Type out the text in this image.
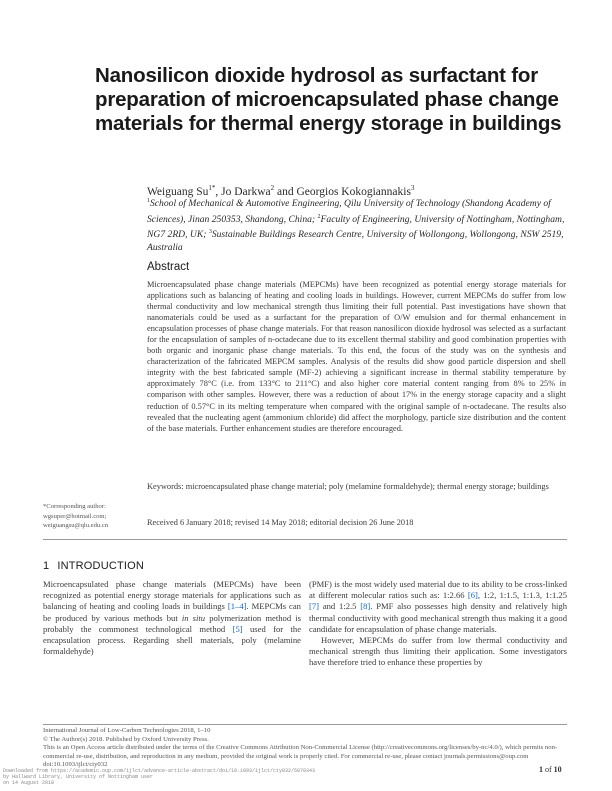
Nanosilicon dioxide hydrosol as surfactant for preparation of microencapsulated phase change materials for thermal energy storage in buildings
Weiguang $Su^{1*}$, Jo Darkwa$^2$ and Georgios Kokogiannakis$^3$
$^1$School of Mechanical & Automotive Engineering, Qilu University of Technology (Shandong Academy of Sciences), Jinan 250353, Shandong, China; $^2$Faculty of Engineering, University of Nottingham, Nottingham, NG7 2RD, UK; $^3$Sustainable Buildings Research Centre, University of Wollongong, Wollongong, NSW 2519, Australia
Abstract
Microencapsulated phase change materials (MEPCMs) have been recognized as potential energy storage materials for applications such as balancing of heating and cooling loads in buildings. However, current MEPCMs do suffer from low thermal conductivity and low mechanical strength thus limiting their full potential. Past investigations have shown that nanomaterials could be used as a surfactant for the preparation of O/W emulsion and for thermal enhancement in encapsulation processes of phase change materials. For that reason nanosilicon dioxide hydrosol was selected as a surfactant for the encapsulation of samples of n-octadecane due to its excellent thermal stability and good combination properties with both organic and inorganic phase change materials. To this end, the focus of the study was on the synthesis and characterization of the fabricated MEPCM samples. Analysis of the results did show good particle dispersion and shell integrity with the best fabricated sample (MF-2) achieving a significant increase in thermal stability temperature by approximately 78°C (i.e. from 133°C to 211°C) and also higher core material content ranging from 8% to 25% in comparison with other samples. However, there was a reduction of about 17% in the energy storage capacity and a slight reduction of 0.57°C in its melting temperature when compared with the original sample of n-octadecane. The results also revealed that the nucleating agent (ammonium chloride) did affect the morphology, particle size distribution and the content of the base materials. Further enhancement studies are therefore encouraged.
Keywords: microencapsulated phase change material; poly (melamine formaldehyde); thermal energy storage; buildings
*Corresponding author:
wgsuper@hotmail.com;
weiguangsu@qlu.edu.cn	Received 6 January 2018; revised 14 May 2018; editorial decision 26 June 2018
1 INTRODUCTION

Microencapsulated phase change materials (MEPCMs) have been recognized as potential energy storage materials for applications such as balancing of heating and cooling loads in buildings [1–4]. MEPCMs can be produced by various methods but in situ polymerization method is probably the commonest technological method [5] used for the encapsulation process. Regarding shell materials, poly (melamine formaldehyde)

(PMF) is the most widely used material due to its ability to be cross-linked at different molecular ratios such as: 1:2.66 [6], 1:2, 1:1.5, 1:1.3, 1:1.25 [7] and 1:2.5 [8]. PMF also possesses high density and relatively high thermal conductivity with good mechanical strength thus making it a good candidate for encapsulation of phase change materials.

However, MEPCMs do suffer from low thermal conductivity and mechanical strength thus limiting their application. Some investigators have therefore tried to enhance these properties by

International Journal of Low-Carbon Technologies 2018, 1–10
© The Author(s) 2018. Published by Oxford University Press.
This is an Open Access article distributed under the terms of the Creative Commons Attribution Non-Commercial License (http://creativecommons.org/licenses/by-nc/4.0/), which permits non-commercial re-use, distribution, and reproduction in any medium, provided the original work is properly cited. For commercial re-use, please contact journals.permissions@oup.com
doi:10.1093/ijlct/cty032
1 of 10
Downloaded from https://academic.oup.com/ijlct/advance-article-abstract/doi/10.1093/ijlct/cty032/5070343
by Hallward Library, University of Nottingham user
on 14 August 2018
